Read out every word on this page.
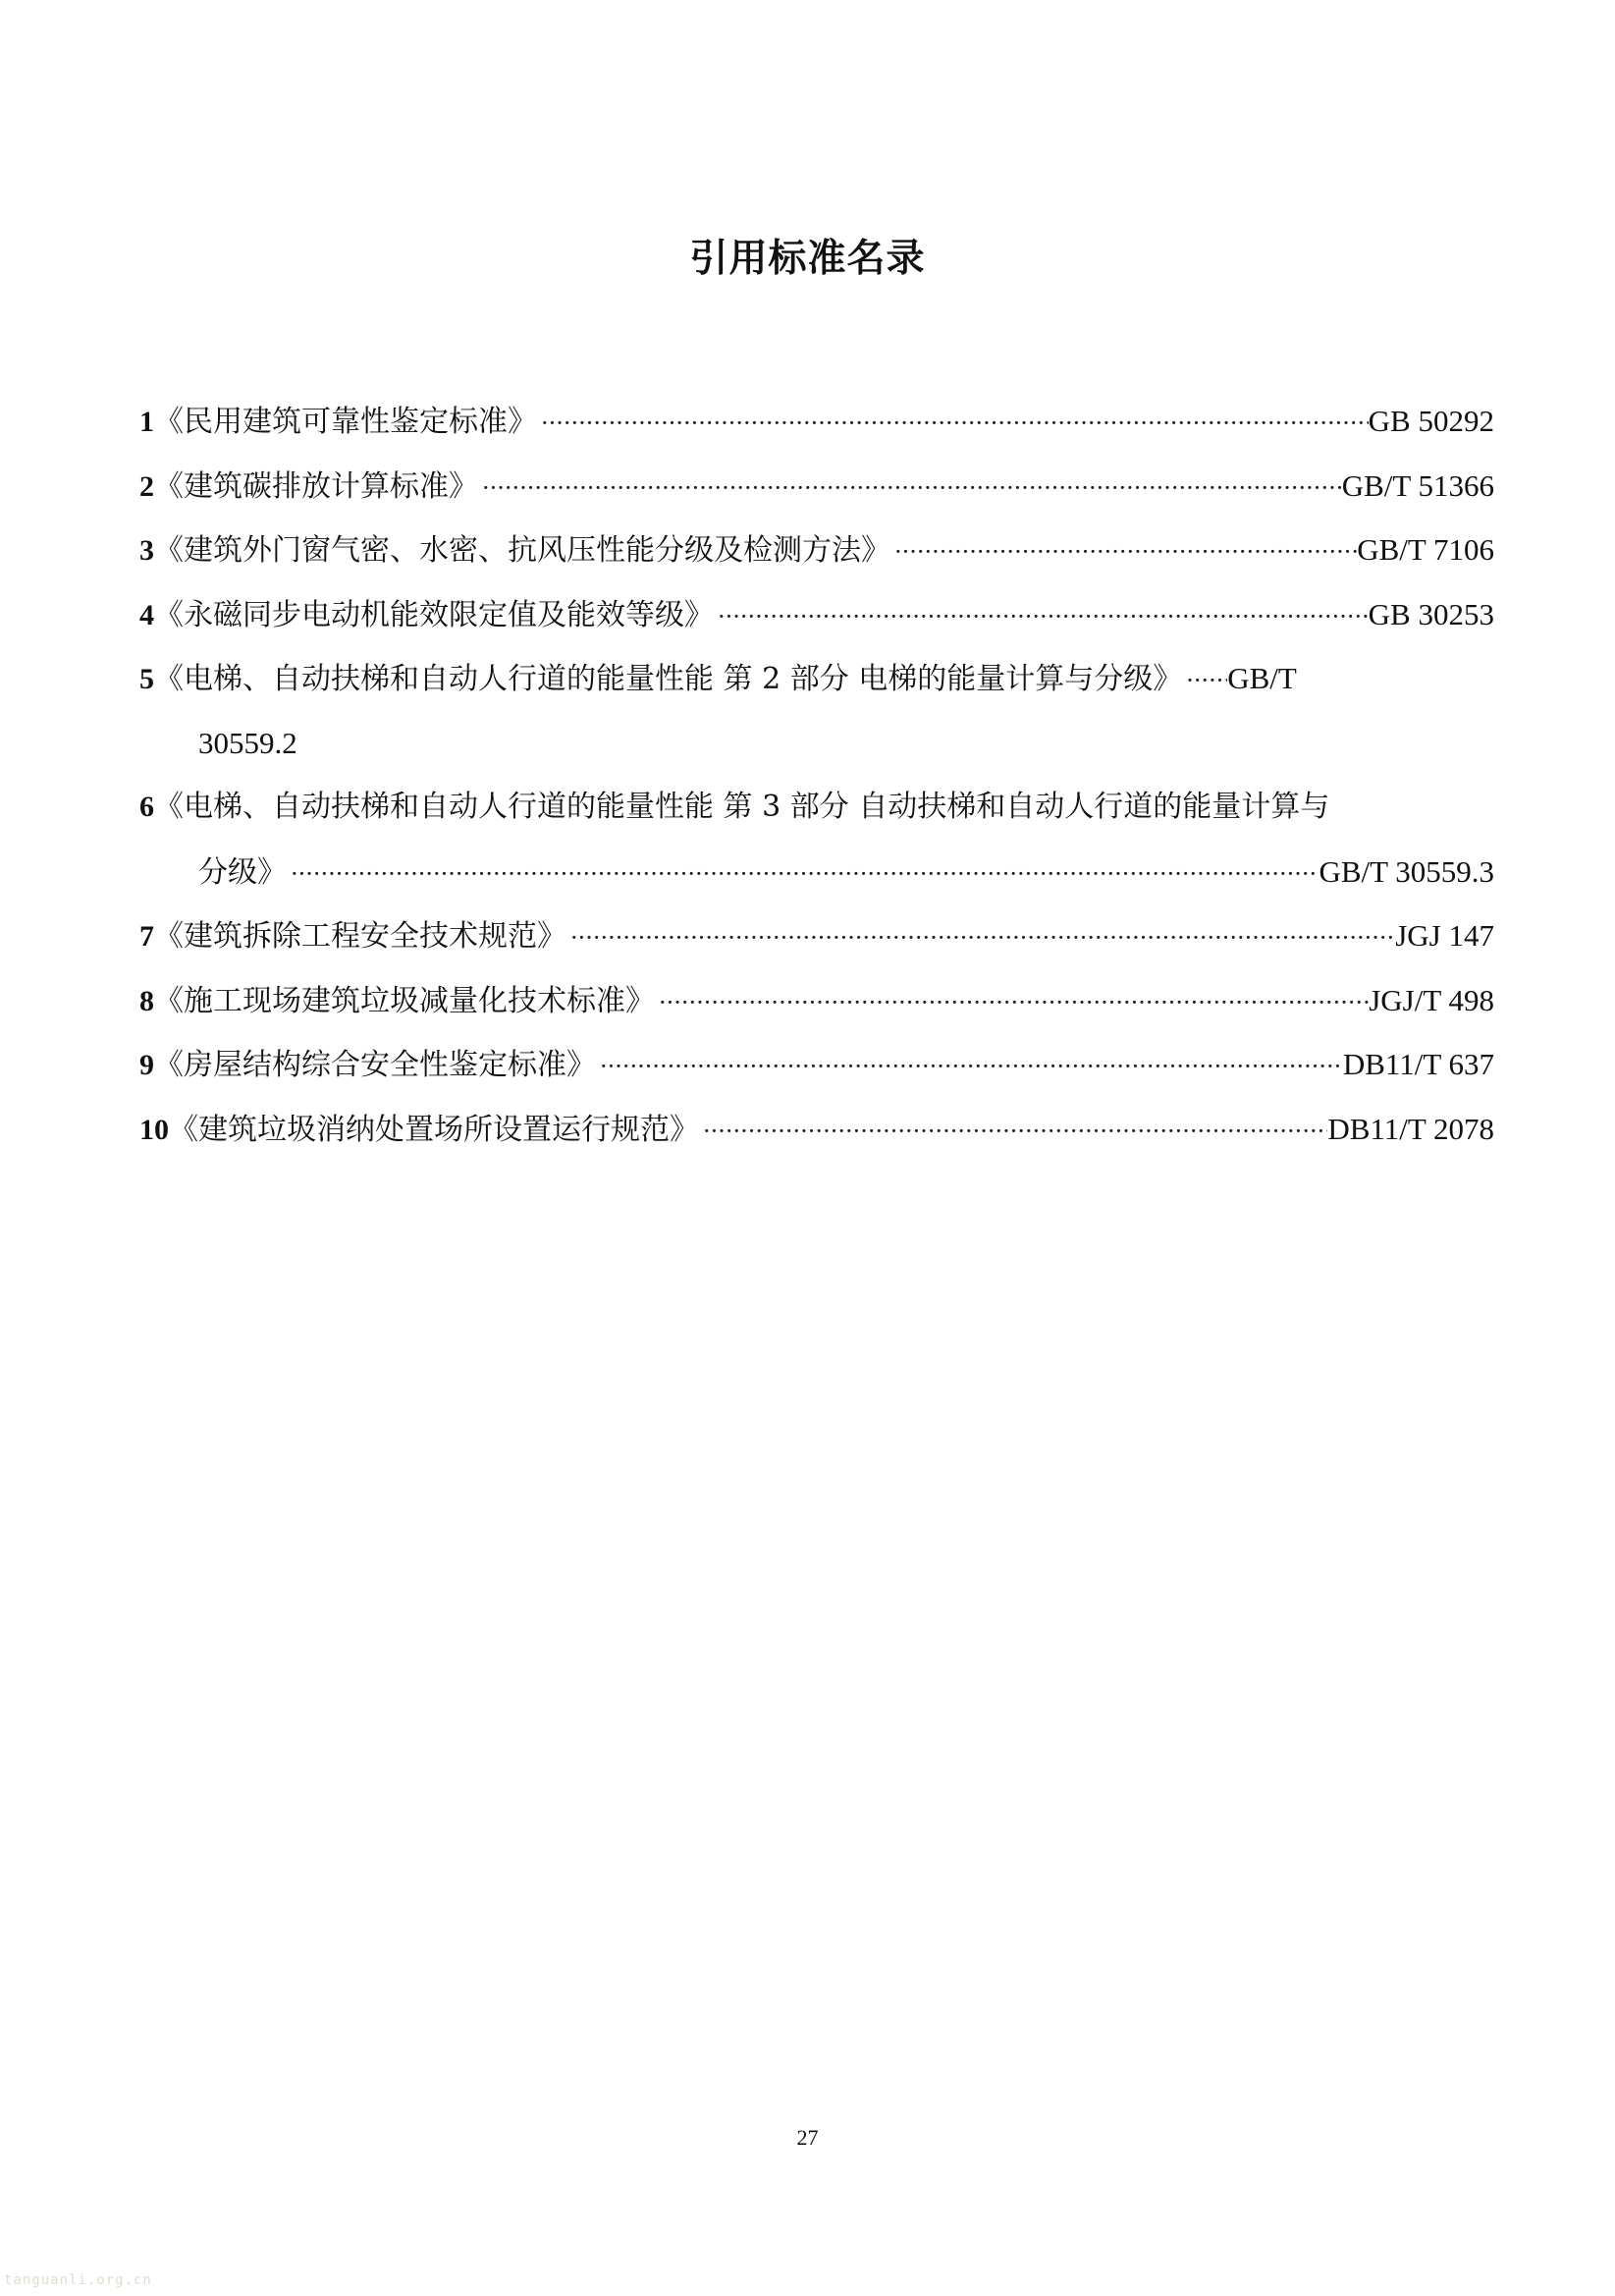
引用标准名录
1 《民用建筑可靠性鉴定标准》 ·····	GB 50292
2 《建筑碳排放计算标准》 ·····	GB/T 51366
3 《建筑外门窗气密、水密、抗风压性能分级及检测方法》 ·····	GB/T 7106
4 《永磁同步电动机能效限定值及能效等级》 ·····	GB 30253
5 《电梯、自动扶梯和自动人行道的能量性能 第 2 部分 电梯的能量计算与分级》 ····· GB/T
30559.2
6 《电梯、自动扶梯和自动人行道的能量性能 第 3 部分 自动扶梯和自动人行道的能量计算与
分级》 ·····	GB/T 30559.3
7 《建筑拆除工程安全技术规范》 ·····	JGJ 147
8 《施工现场建筑垃圾减量化技术标准》 ·····	JGJ/T 498
9 《房屋结构综合安全性鉴定标准》 ·····	DB11/T 637
10 《建筑垃圾消纳处置场所设置运行规范》 ·····	DB11/T 2078

27

tanguanli.org.cn
